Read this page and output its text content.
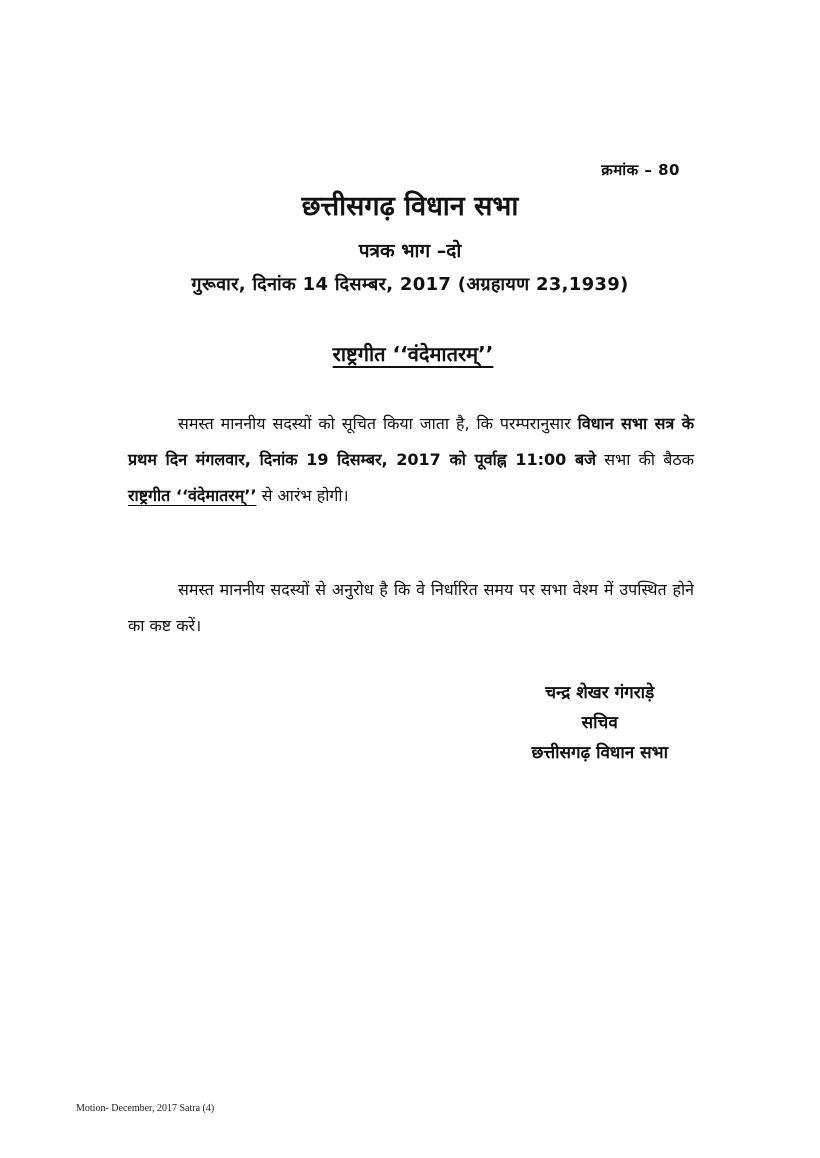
क्रमांक – 80
छत्तीसगढ़ विधान सभा
पत्रक भाग –दो
गुरूवार, दिनांक 14 दिसम्बर, 2017 (अग्रहायण 23,1939)
राष्ट्रगीत ‘‘वंदेमातरम्’’
समस्त माननीय सदस्यों को सूचित किया जाता है, कि परम्परानुसार विधान सभा सत्र के प्रथम दिन मंगलवार, दिनांक 19 दिसम्बर, 2017 को पूर्वाह्न 11:00 बजे सभा की बैठक राष्ट्रगीत ‘‘वंदेमातरम्’’ से आरंभ होगी।
समस्त माननीय सदस्यों से अनुरोध है कि वे निर्धारित समय पर सभा वेश्म में उपस्थित होने का कष्ट करें।
चन्द्र शेखर गंगराड़े
सचिव
छत्तीसगढ़ विधान सभा
Motion- December, 2017 Satra (4)
